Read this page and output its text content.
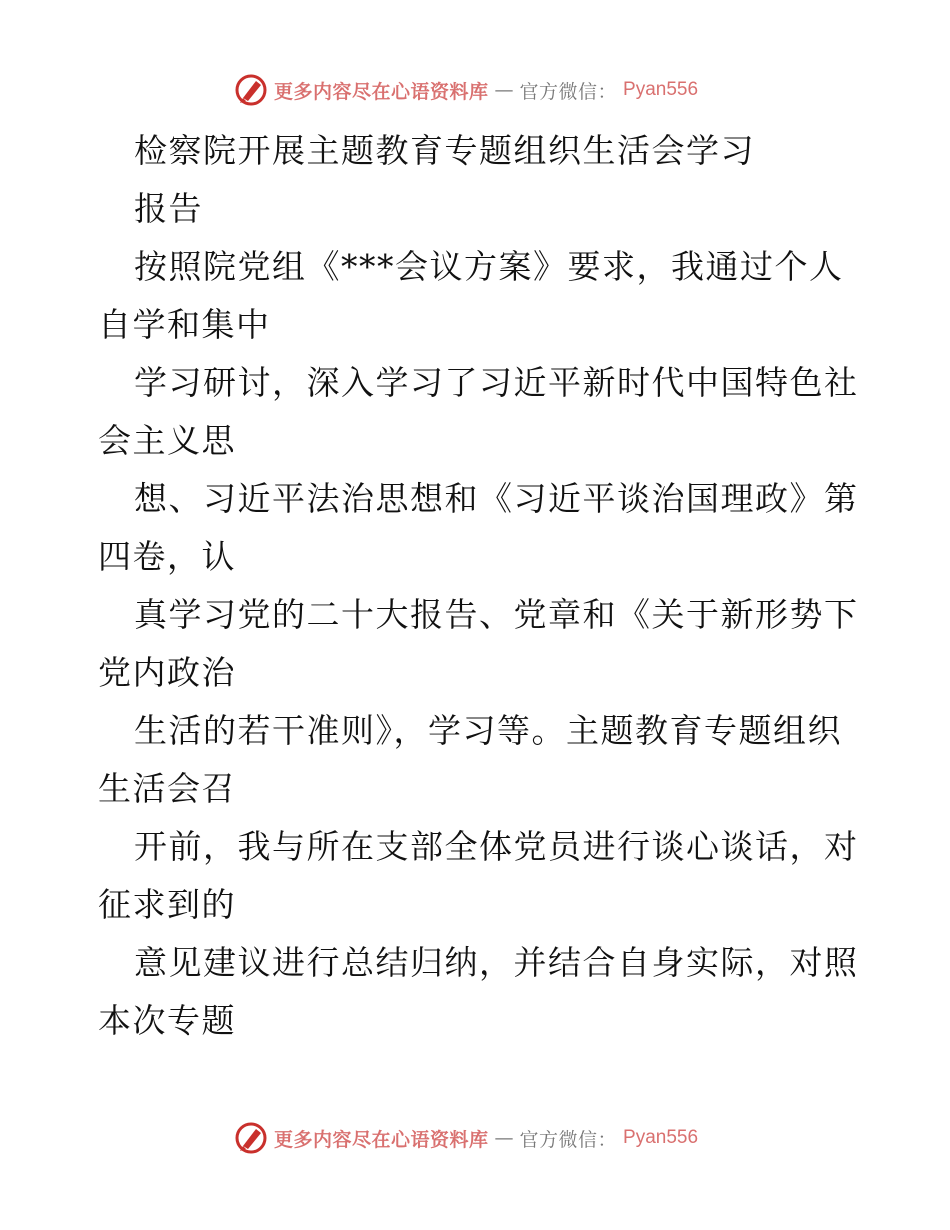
更多内容尽在心语资料库 — 官方微信： Pyan556
检察院开展主题教育专题组织生活会学习
报告
按照院党组《***会议方案》要求，我通过个人
自学和集中
学习研讨，深入学习了习近平新时代中国特色社
会主义思
想、习近平法治思想和《习近平谈治国理政》第
四卷，认
真学习党的二十大报告、党章和《关于新形势下
党内政治
生活的若干准则》，学习等。主题教育专题组织
生活会召
开前，我与所在支部全体党员进行谈心谈话，对
征求到的
意见建议进行总结归纳，并结合自身实际，对照
本次专题
更多内容尽在心语资料库 — 官方微信： Pyan556
